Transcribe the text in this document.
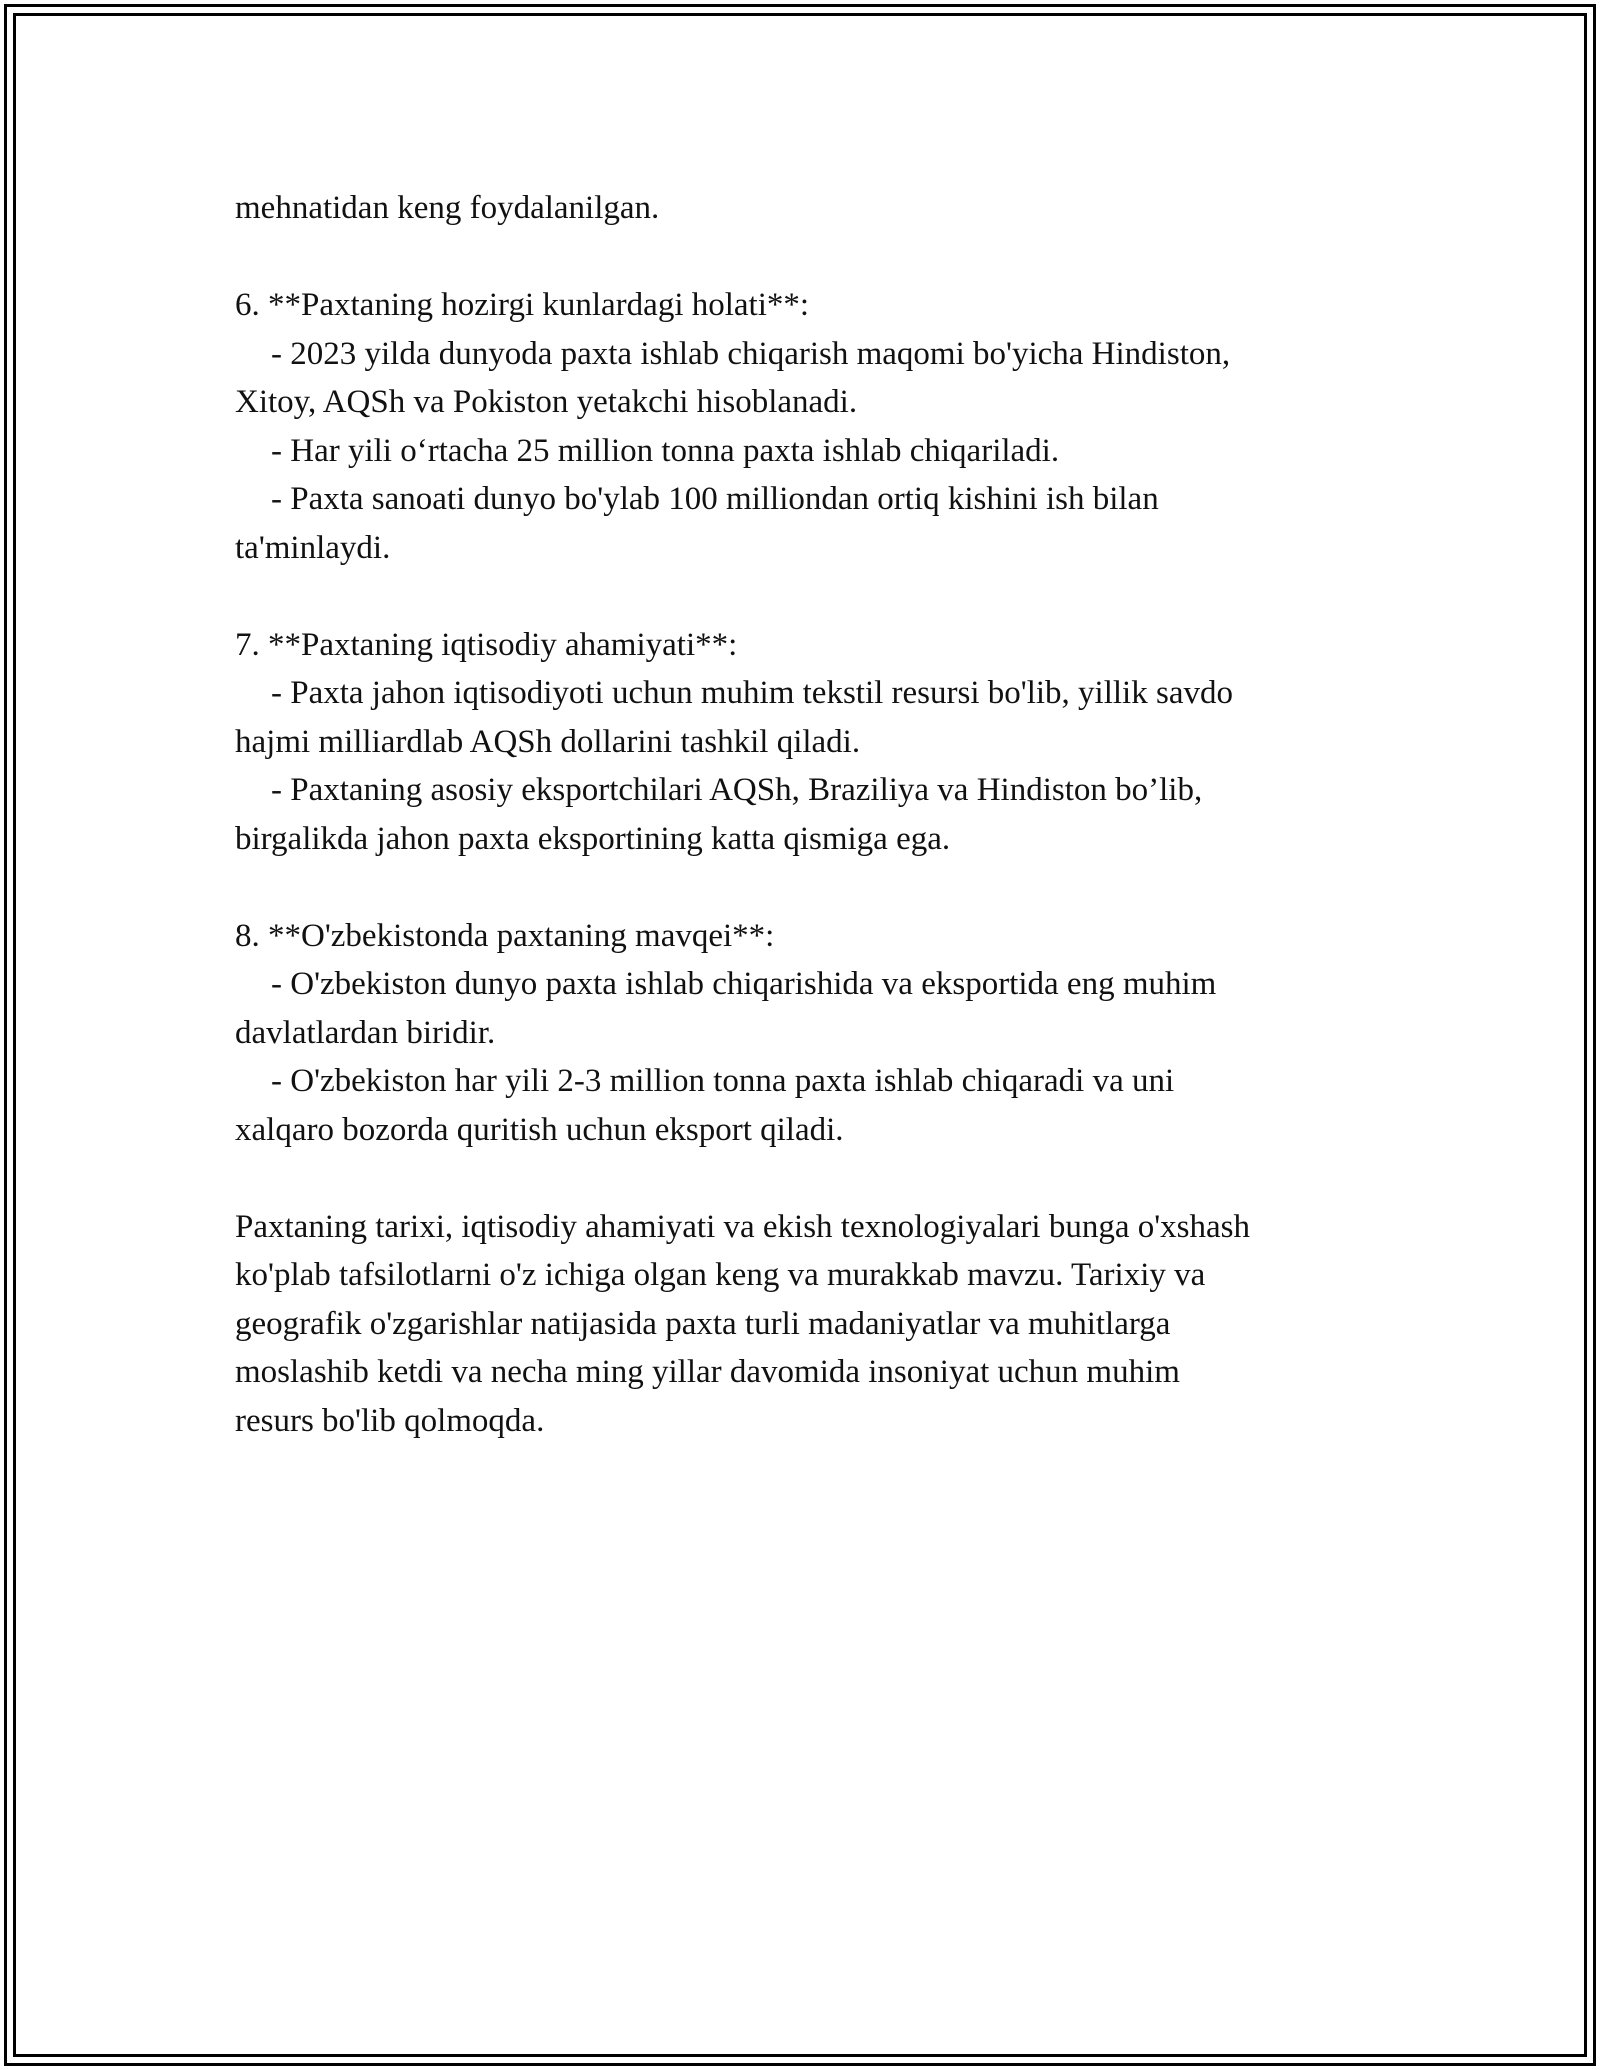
mehnatidan keng foydalanilgan.
6. **Paxtaning hozirgi kunlardagi holati**:
- 2023 yilda dunyoda paxta ishlab chiqarish maqomi bo'yicha Hindiston,
Xitoy, AQSh va Pokiston yetakchi hisoblanadi.
- Har yili o‘rtacha 25 million tonna paxta ishlab chiqariladi.
- Paxta sanoati dunyo bo'ylab 100 milliondan ortiq kishini ish bilan
ta'minlaydi.
7. **Paxtaning iqtisodiy ahamiyati**:
- Paxta jahon iqtisodiyoti uchun muhim tekstil resursi bo'lib, yillik savdo
hajmi milliardlab AQSh dollarini tashkil qiladi.
- Paxtaning asosiy eksportchilari AQSh, Braziliya va Hindiston bo’lib,
birgalikda jahon paxta eksportining katta qismiga ega.
8. **O'zbekistonda paxtaning mavqei**:
- O'zbekiston dunyo paxta ishlab chiqarishida va eksportida eng muhim
davlatlardan biridir.
- O'zbekiston har yili 2-3 million tonna paxta ishlab chiqaradi va uni
xalqaro bozorda quritish uchun eksport qiladi.
Paxtaning tarixi, iqtisodiy ahamiyati va ekish texnologiyalari bunga o'xshash
ko'plab tafsilotlarni o'z ichiga olgan keng va murakkab mavzu. Tarixiy va
geografik o'zgarishlar natijasida paxta turli madaniyatlar va muhitlarga
moslashib ketdi va necha ming yillar davomida insoniyat uchun muhim
resurs bo'lib qolmoqda.
